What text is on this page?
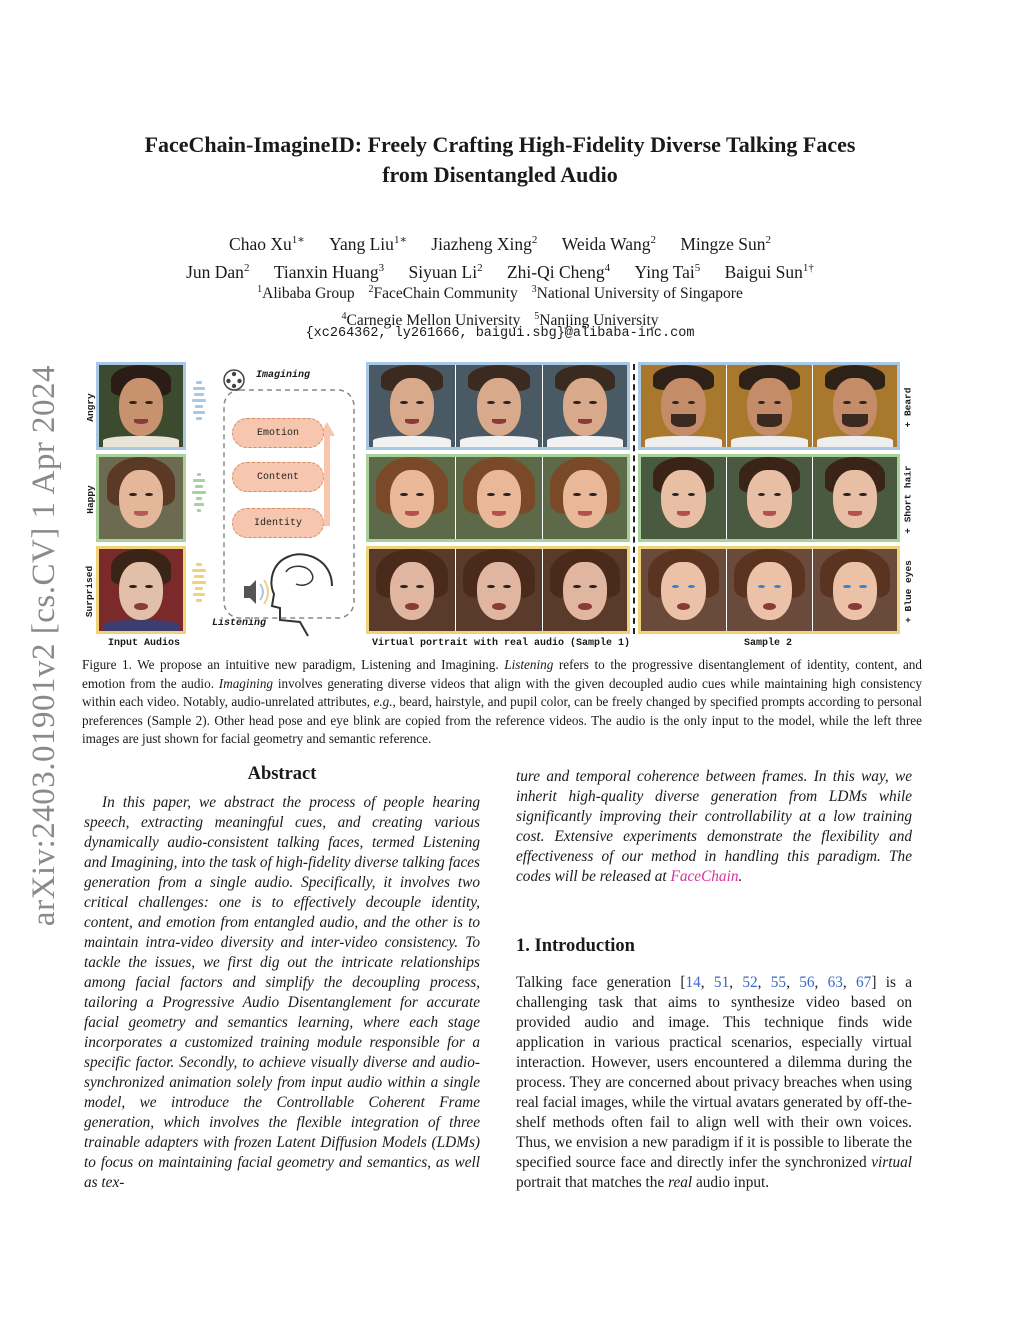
arXiv:2403.01901v2 [cs.CV] 1 Apr 2024
FaceChain-ImagineID: Freely Crafting High-Fidelity Diverse Talking Faces
from Disentangled Audio
Chao $Xu^{1∗}$ Yang Liu$^{1∗}$ Jiazheng Xing$^2$ Weida Wang$^2$ Mingze Sun$^2$
Jun Dan$^2$ Tianxin Huang$^3$ Siyuan Li$^2$ Zhi-Qi Cheng$^4$ Ying Tai$^5$ Baigui Sun$^{1\dagger}$
$^1$Alibaba Group $^2$FaceChain Community $^3$National University of Singapore
$^4$Carnegie Mellon University $^5$Nanjing University
{xc264362, ly261666, baigui.sbg}@alibaba-inc.com
Angry
Happy
Surprised
Imagining
Emotion
Content
Identity
Listening
+ Beard
+ Short hair
+ Blue eyes
Input Audios	Virtual portrait with real audio (Sample 1)	Sample 2
Figure 1. We propose an intuitive new paradigm, Listening and Imagining. Listening refers to the progressive disentanglement of identity, content, and emotion from the audio. Imagining involves generating diverse videos that align with the given decoupled audio cues while maintaining high consistency within each video. Notably, audio-unrelated attributes, e.g., beard, hairstyle, and pupil color, can be freely changed by specified prompts according to personal preferences (Sample 2). Other head pose and eye blink are copied from the reference videos. The audio is the only input to the model, while the left three images are just shown for facial geometry and semantic reference.
Abstract
In this paper, we abstract the process of people hearing speech, extracting meaningful cues, and creating various dynamically audio-consistent talking faces, termed Listening and Imagining, into the task of high-fidelity diverse talking faces generation from a single audio. Specifically, it involves two critical challenges: one is to effectively decouple identity, content, and emotion from entangled audio, and the other is to maintain intra-video diversity and inter-video consistency. To tackle the issues, we first dig out the intricate relationships among facial factors and simplify the decoupling process, tailoring a Progressive Audio Disentanglement for accurate facial geometry and semantics learning, where each stage incorporates a customized training module responsible for a specific factor. Secondly, to achieve visually diverse and audio-synchronized animation solely from input audio within a single model, we introduce the Controllable Coherent Frame generation, which involves the flexible integration of three trainable adapters with frozen Latent Diffusion Models (LDMs) to focus on maintaining facial geometry and semantics, as well as tex-
ture and temporal coherence between frames. In this way, we inherit high-quality diverse generation from LDMs while significantly improving their controllability at a low training cost. Extensive experiments demonstrate the flexibility and effectiveness of our method in handling this paradigm. The codes will be released at FaceChain.
1. Introduction
Talking face generation [14, 51, 52, 55, 56, 63, 67] is a challenging task that aims to synthesize video based on provided audio and image. This technique finds wide application in various practical scenarios, especially virtual interaction. However, users encountered a dilemma during the process. They are concerned about privacy breaches when using real facial images, while the virtual avatars generated by off-the-shelf methods often fail to align well with their own voices. Thus, we envision a new paradigm if it is possible to liberate the specified source face and directly infer the synchronized virtual portrait that matches the real audio input.
